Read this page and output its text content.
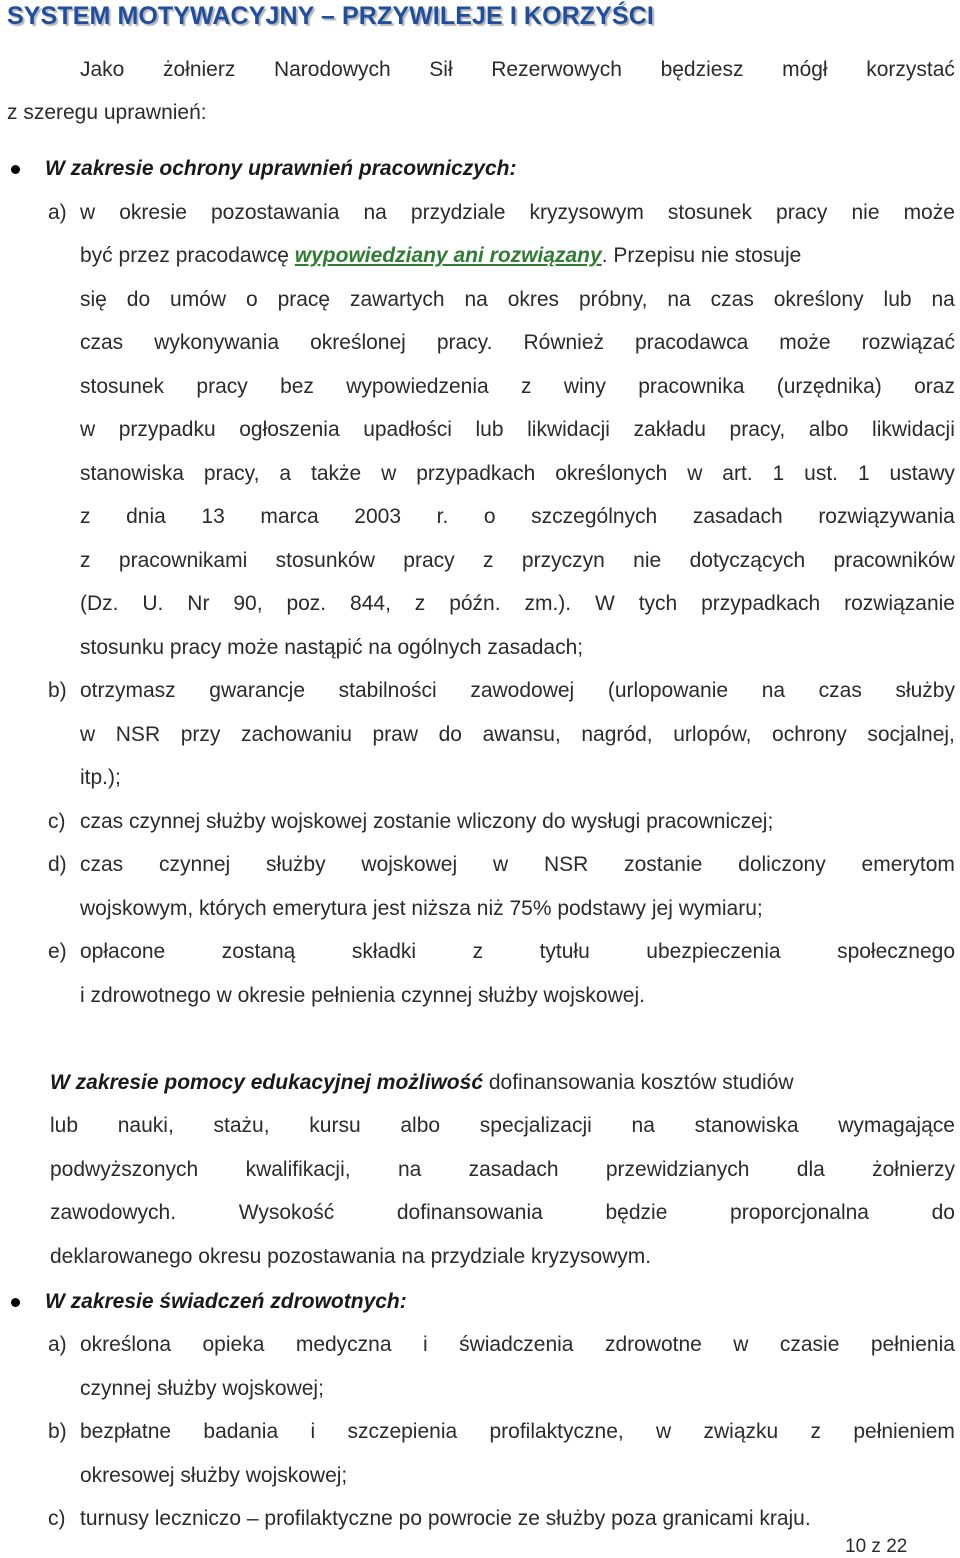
SYSTEM MOTYWACYJNY – PRZYWILEJE I KORZYŚCI
Jako żołnierz Narodowych Sił Rezerwowych będziesz mógł korzystać
z szeregu uprawnień:
W zakresie ochrony uprawnień pracowniczych:
a) w okresie pozostawania na przydziale kryzysowym stosunek pracy nie może
być przez pracodawcę wypowiedziany ani rozwiązany. Przepisu nie stosuje
się do umów o pracę zawartych na okres próbny, na czas określony lub na
czas wykonywania określonej pracy. Również pracodawca może rozwiązać
stosunek pracy bez wypowiedzenia z winy pracownika (urzędnika) oraz
w przypadku ogłoszenia upadłości lub likwidacji zakładu pracy, albo likwidacji
stanowiska pracy, a także w przypadkach określonych w art. 1 ust. 1 ustawy
z dnia 13 marca 2003 r. o szczególnych zasadach rozwiązywania
z pracownikami stosunków pracy z przyczyn nie dotyczących pracowników
(Dz. U. Nr 90, poz. 844, z późn. zm.). W tych przypadkach rozwiązanie
stosunku pracy może nastąpić na ogólnych zasadach;
b) otrzymasz gwarancje stabilności zawodowej (urlopowanie na czas służby
w NSR przy zachowaniu praw do awansu, nagród, urlopów, ochrony socjalnej,
itp.);
c) czas czynnej służby wojskowej zostanie wliczony do wysługi pracowniczej;
d) czas czynnej służby wojskowej w NSR zostanie doliczony emerytom
wojskowym, których emerytura jest niższa niż 75% podstawy jej wymiaru;
e) opłacone	zostaną	składki	z	tytułu	ubezpieczenia	społecznego
i zdrowotnego w okresie pełnienia czynnej służby wojskowej.
W zakresie pomocy edukacyjnej możliwość dofinansowania kosztów studiów
lub nauki, stażu, kursu albo specjalizacji na stanowiska wymagające
podwyższonych kwalifikacji, na zasadach przewidzianych dla żołnierzy
zawodowych.	Wysokość	dofinansowania	będzie	proporcjonalna	do
deklarowanego okresu pozostawania na przydziale kryzysowym.
W zakresie świadczeń zdrowotnych:
a) określona opieka medyczna i świadczenia zdrowotne w czasie pełnienia
czynnej służby wojskowej;
b) bezpłatne badania i szczepienia profilaktyczne, w związku z pełnieniem
okresowej służby wojskowej;
c) turnusy leczniczo – profilaktyczne po powrocie ze służby poza granicami kraju.
10 z 22
